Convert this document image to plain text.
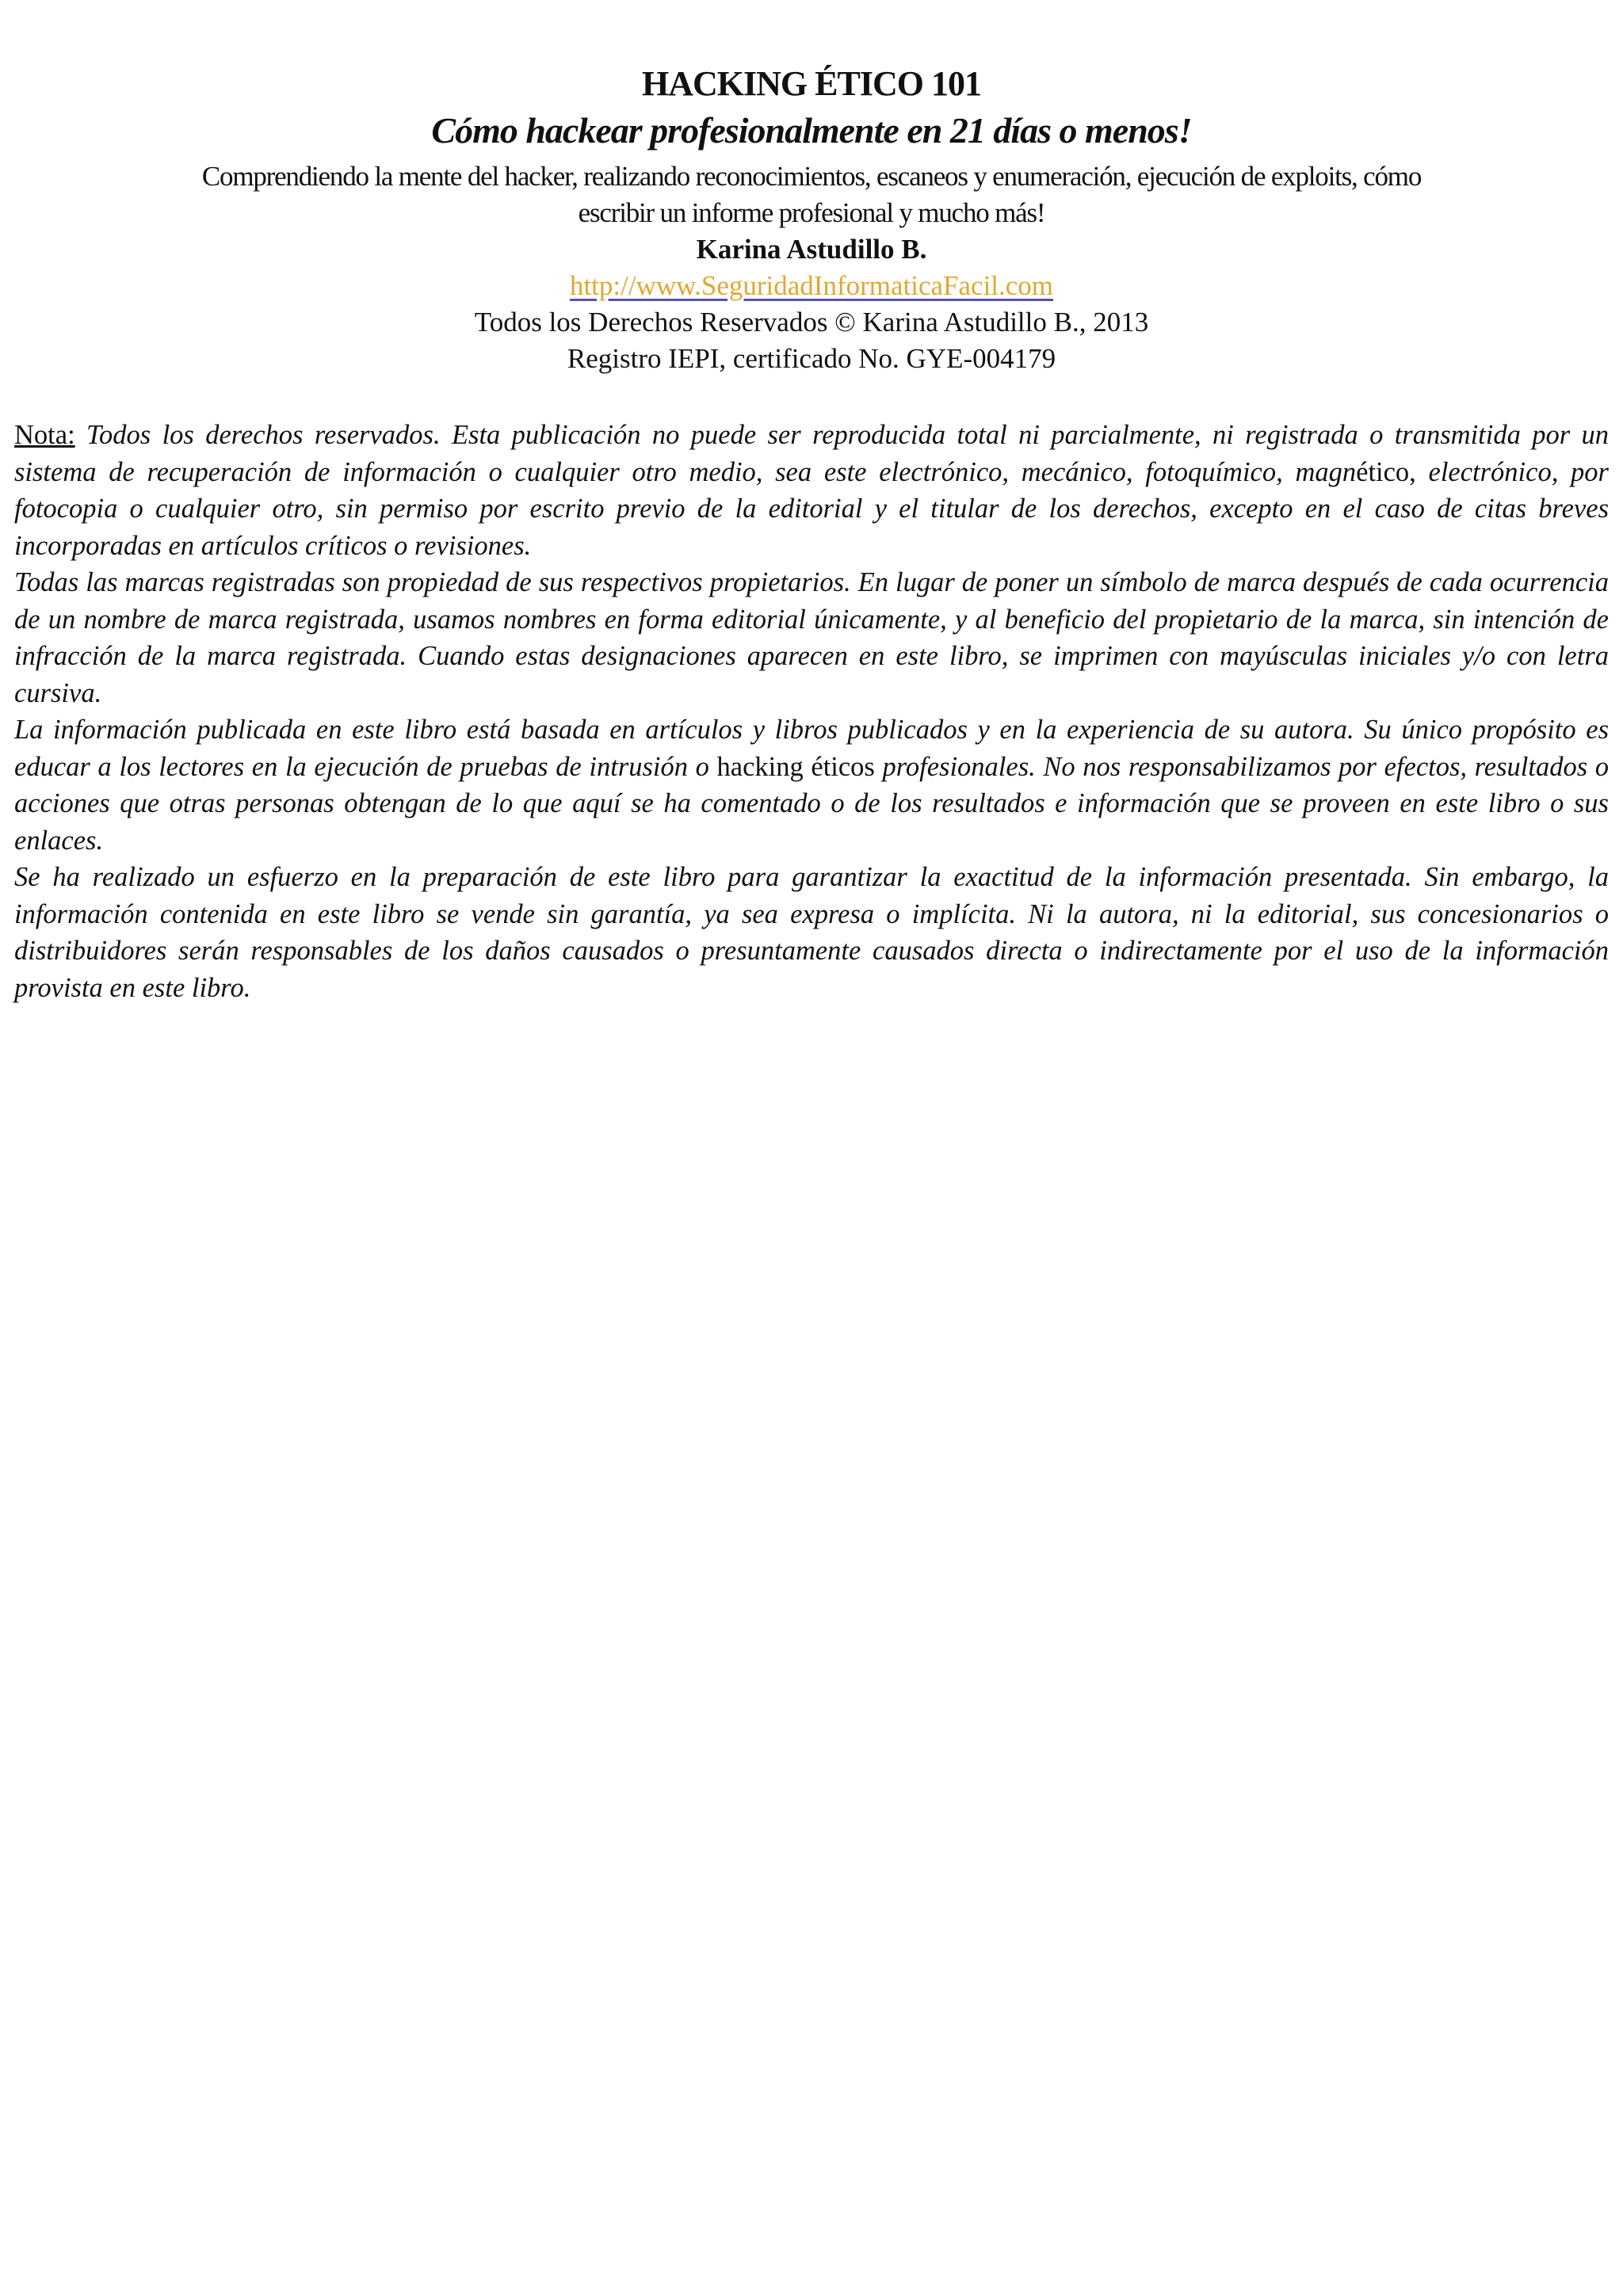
HACKING ÉTICO 101
Cómo hackear profesionalmente en 21 días o menos!
Comprendiendo la mente del hacker, realizando reconocimientos, escaneos y enumeración, ejecución de exploits, cómo
escribir un informe profesional y mucho más!
Karina Astudillo B.
http://www.SeguridadInformaticaFacil.com
Todos los Derechos Reservados © Karina Astudillo B., 2013
Registro IEPI, certificado No. GYE-004179

Nota: Todos los derechos reservados. Esta publicación no puede ser reproducida total ni parcialmente, ni registrada o transmitida por un sistema de recuperación de información o cualquier otro medio, sea este electrónico, mecánico, fotoquímico, magnético, electrónico, por fotocopia o cualquier otro, sin permiso por escrito previo de la editorial y el titular de los derechos, excepto en el caso de citas breves incorporadas en artículos críticos o revisiones.

Todas las marcas registradas son propiedad de sus respectivos propietarios. En lugar de poner un símbolo de marca después de cada ocurrencia de un nombre de marca registrada, usamos nombres en forma editorial únicamente, y al beneficio del propietario de la marca, sin intención de infracción de la marca registrada. Cuando estas designaciones aparecen en este libro, se imprimen con mayúsculas iniciales y/o con letra cursiva.

La información publicada en este libro está basada en artículos y libros publicados y en la experiencia de su autora. Su único propósito es educar a los lectores en la ejecución de pruebas de intrusión o hacking éticos profesionales. No nos responsabilizamos por efectos, resultados o acciones que otras personas obtengan de lo que aquí se ha comentado o de los resultados e información que se proveen en este libro o sus enlaces.

Se ha realizado un esfuerzo en la preparación de este libro para garantizar la exactitud de la información presentada. Sin embargo, la información contenida en este libro se vende sin garantía, ya sea expresa o implícita. Ni la autora, ni la editorial, sus concesionarios o distribuidores serán responsables de los daños causados o presuntamente causados directa o indirectamente por el uso de la información provista en este libro.
